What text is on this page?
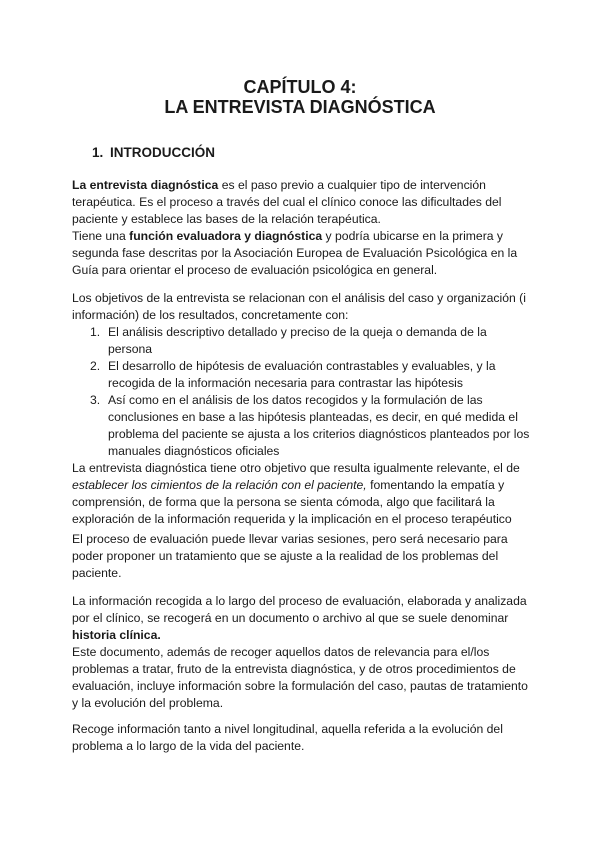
CAPÍTULO 4:
LA ENTREVISTA DIAGNÓSTICA
1. INTRODUCCIÓN

La entrevista diagnóstica es el paso previo a cualquier tipo de intervención terapéutica. Es el proceso a través del cual el clínico conoce las dificultades del paciente y establece las bases de la relación terapéutica.

Tiene una función evaluadora y diagnóstica y podría ubicarse en la primera y segunda fase descritas por la Asociación Europea de Evaluación Psicológica en la Guía para orientar el proceso de evaluación psicológica en general.

Los objetivos de la entrevista se relacionan con el análisis del caso y organización (i información) de los resultados, concretamente con:

1. El análisis descriptivo detallado y preciso de la queja o demanda de la persona
2. El desarrollo de hipótesis de evaluación contrastables y evaluables, y la recogida de la información necesaria para contrastar las hipótesis
3. Así como en el análisis de los datos recogidos y la formulación de las conclusiones en base a las hipótesis planteadas, es decir, en qué medida el problema del paciente se ajusta a los criterios diagnósticos planteados por los manuales diagnósticos oficiales

La entrevista diagnóstica tiene otro objetivo que resulta igualmente relevante, el de establecer los cimientos de la relación con el paciente, fomentando la empatía y comprensión, de forma que la persona se sienta cómoda, algo que facilitará la exploración de la información requerida y la implicación en el proceso terapéutico

El proceso de evaluación puede llevar varias sesiones, pero será necesario para poder proponer un tratamiento que se ajuste a la realidad de los problemas del paciente.

La información recogida a lo largo del proceso de evaluación, elaborada y analizada por el clínico, se recogerá en un documento o archivo al que se suele denominar historia clínica.

Este documento, además de recoger aquellos datos de relevancia para el/los problemas a tratar, fruto de la entrevista diagnóstica, y de otros procedimientos de evaluación, incluye información sobre la formulación del caso, pautas de tratamiento y la evolución del problema.

Recoge información tanto a nivel longitudinal, aquella referida a la evolución del problema a lo largo de la vida del paciente.
